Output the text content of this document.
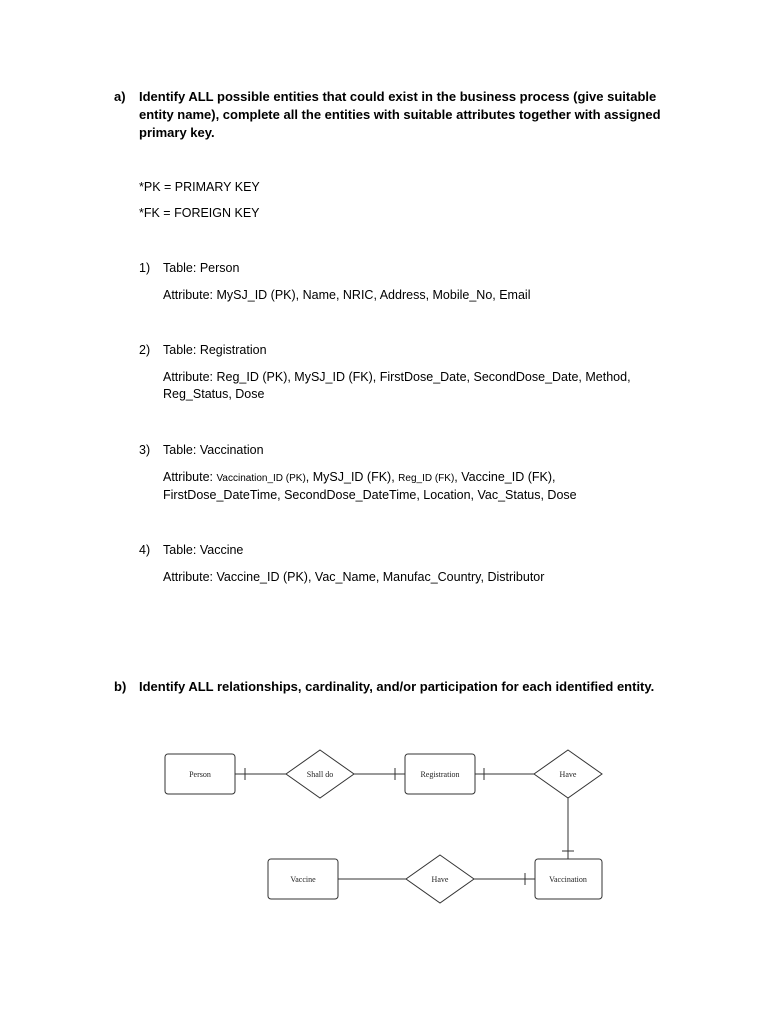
a)	Identify ALL possible entities that could exist in the business process (give suitable entity name), complete all the entities with suitable attributes together with assigned primary key.
*PK = PRIMARY KEY
*FK = FOREIGN KEY
1) Table: Person
Attribute: MySJ_ID (PK), Name, NRIC, Address, Mobile_No, Email
2) Table: Registration
Attribute: Reg_ID (PK), MySJ_ID (FK), FirstDose_Date, SecondDose_Date, Method, Reg_Status, Dose
3) Table: Vaccination
Attribute: Vaccination_ID (PK), MySJ_ID (FK), Reg_ID (FK), Vaccine_ID (FK), FirstDose_DateTime, SecondDose_DateTime, Location, Vac_Status, Dose
4) Table: Vaccine
Attribute: Vaccine_ID (PK), Vac_Name, Manufac_Country, Distributor
b) Identify ALL relationships, cardinality, and/or participation for each identified entity.
Person	Registration
Vaccine	Vaccination
Shall do	Have
Have
